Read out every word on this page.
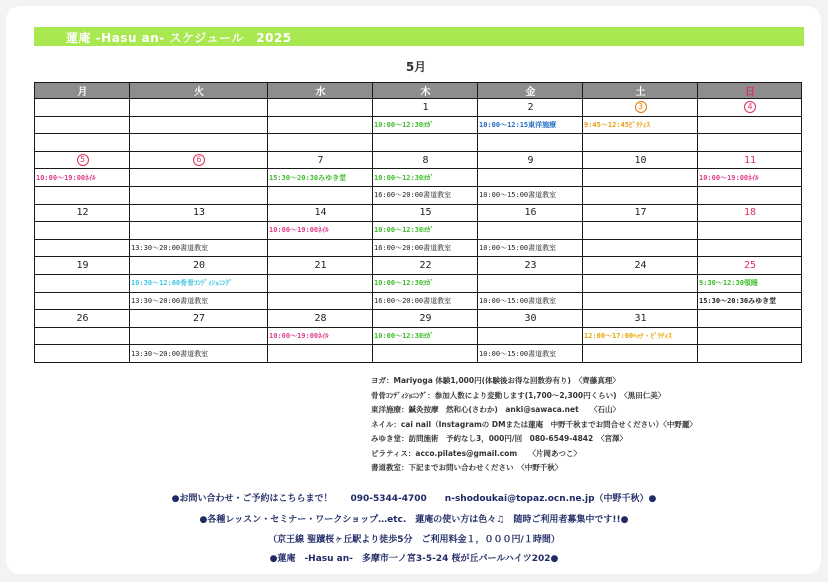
蓮庵 -Hasu an- スケジュール　2025
5月
月	火	水	木	金	土	日
			1	2	3	4
			10:00～12:30ﾖｶﾞ	10:00～12:15東洋施療	9:45～12:45ﾋﾟﾗﾃｨｽ	

5	6	7	8	9	10	11
10:00～19:00ﾈｲﾙ		15:30～20:30みゆき堂	10:00～12:30ﾖｶﾞ			10:00～19:00ﾈｲﾙ
			16:00～20:00書道教室	10:00～15:00書道教室		
12	13	14	15	16	17	18
		10:00～19:00ﾈｲﾙ	10:00～12:30ﾖｶﾞ			
	13:30～20:00書道教室		16:00～20:00書道教室	10:00～15:00書道教室		
19	20	21	22	23	24	25
	10:30～12:00骨骨ｺﾝﾃﾞｨｼｮﾆﾝｸﾞ		10:00～12:30ﾖｶﾞ			9:30～12:30領睡
	13:30～20:00書道教室		16:00～20:00書道教室	10:00～15:00書道教室		15:30～20:30みゆき堂
26	27	28	29	30	31	
		10:00～19:00ﾈｲﾙ	10:00～12:30ﾖｶﾞ		12:00～17:00ﾍｯﾅ・ﾋﾟﾗﾃｨｽ	
	13:30～20:00書道教室			10:00～15:00書道教室		
ヨガ：Mariyoga 体験1,000円(体験後お得な回数券有り)　〈齊藤真理〉
骨骨ｺﾝﾃﾞｨｼｮﾆﾝｸﾞ：参加人数により変動します(1,700～2,300円くらい)　〈黒田仁美〉
東洋施療：鍼灸按摩　然和心(さわか)　anki@sawaca.net　　〈石山〉
ネイル：cai nail（Instagramの DMまたは蓮庵　中野千秋までお問合せください）〈中野麗〉
みゆき堂：訪問施術　予約なし3，000円/回　080-6549-4842　〈宮澤〉
ピラティス：acco.pilates@gmail.com　　〈片岡あつこ〉
書道教室：下記までお問い合わせください　〈中野千秋〉
●お問い合わせ・ご予約はこちらまで！　　090-5344-4700　　n-shodoukai@topaz.ocn.ne.jp（中野千秋）●
●各種レッスン・セミナー・ワークショップ…etc.　蓮庵の使い方は色々♫　随時ご利用者募集中です!!●
（京王線 聖蹟桜ヶ丘駅より徒歩5分　ご利用料金１，０００円/１時間）
●蓮庵　-Hasu an-　多摩市一ノ宮3-5-24 桜が丘パールハイツ202●
